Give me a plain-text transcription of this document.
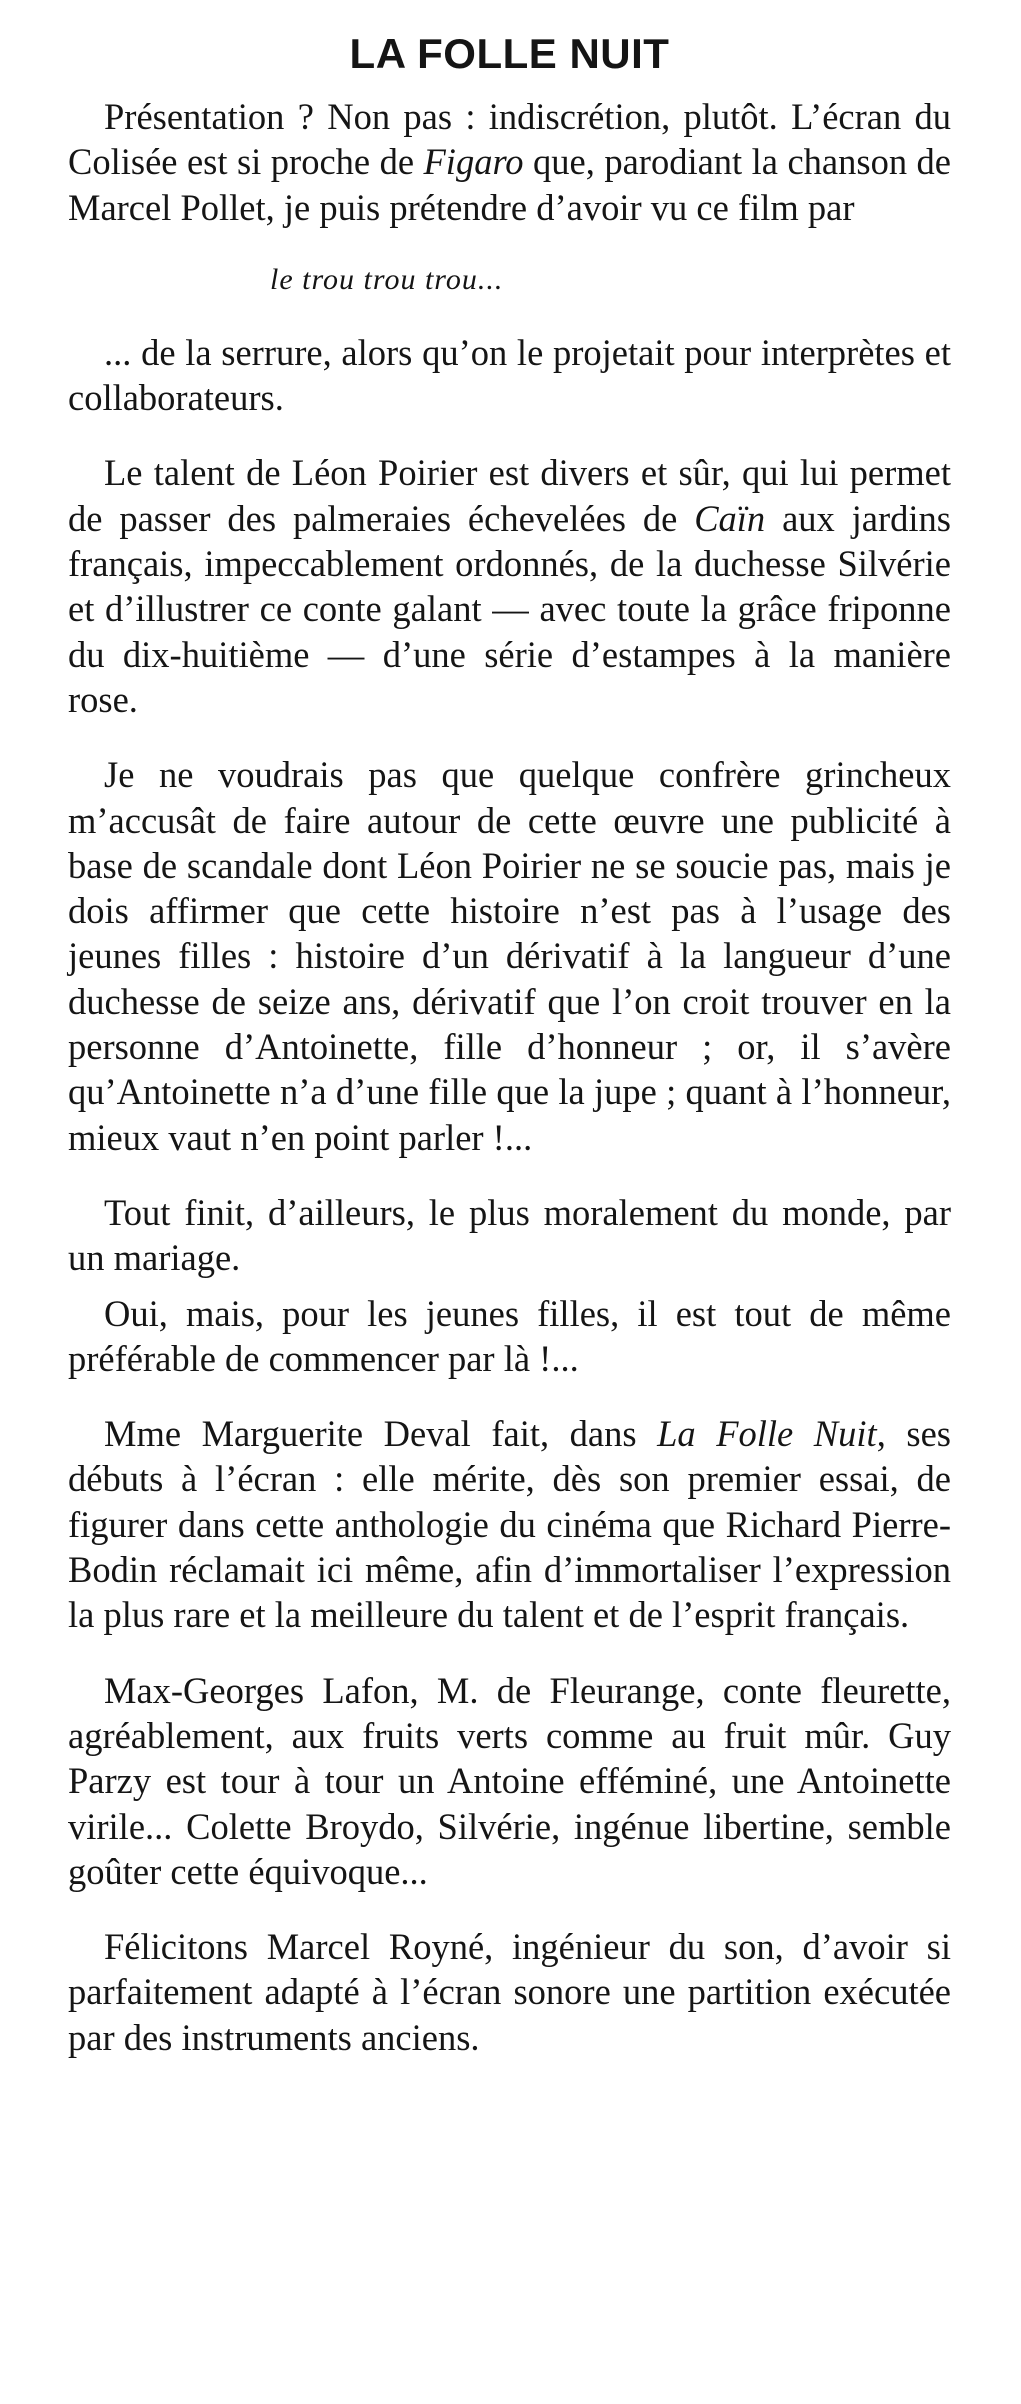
LA FOLLE NUIT

Présentation ? Non pas : indiscrétion, plutôt. L’écran du Colisée est si proche de Figaro que, parodiant la chanson de Marcel Pollet, je puis prétendre d’avoir vu ce film par

le trou trou trou...

... de la serrure, alors qu’on le projetait pour interprètes et collaborateurs.

Le talent de Léon Poirier est divers et sûr, qui lui permet de passer des palmeraies échevelées de Caïn aux jardins français, impeccablement ordonnés, de la duchesse Silvérie et d’illustrer ce conte galant — avec toute la grâce friponne du dix-huitième — d’une série d’estampes à la manière rose.

Je ne voudrais pas que quelque confrère grincheux m’accusât de faire autour de cette œuvre une publicité à base de scandale dont Léon Poirier ne se soucie pas, mais je dois affirmer que cette histoire n’est pas à l’usage des jeunes filles : histoire d’un dérivatif à la langueur d’une duchesse de seize ans, dérivatif que l’on croit trouver en la personne d’Antoinette, fille d’honneur ; or, il s’avère qu’Antoinette n’a d’une fille que la jupe ; quant à l’honneur, mieux vaut n’en point parler !...

Tout finit, d’ailleurs, le plus moralement du monde, par un mariage.

Oui, mais, pour les jeunes filles, il est tout de même préférable de commencer par là !...

Mme Marguerite Deval fait, dans La Folle Nuit, ses débuts à l’écran : elle mérite, dès son premier essai, de figurer dans cette anthologie du cinéma que Richard Pierre-Bodin réclamait ici même, afin d’immortaliser l’expression la plus rare et la meilleure du talent et de l’esprit français.

Max-Georges Lafon, M. de Fleurange, conte fleurette, agréablement, aux fruits verts comme au fruit mûr. Guy Parzy est tour à tour un Antoine efféminé, une Antoinette virile... Colette Broydo, Silvérie, ingénue libertine, semble goûter cette équivoque...

Félicitons Marcel Royné, ingénieur du son, d’avoir si parfaitement adapté à l’écran sonore une partition exécutée par des instruments anciens.
